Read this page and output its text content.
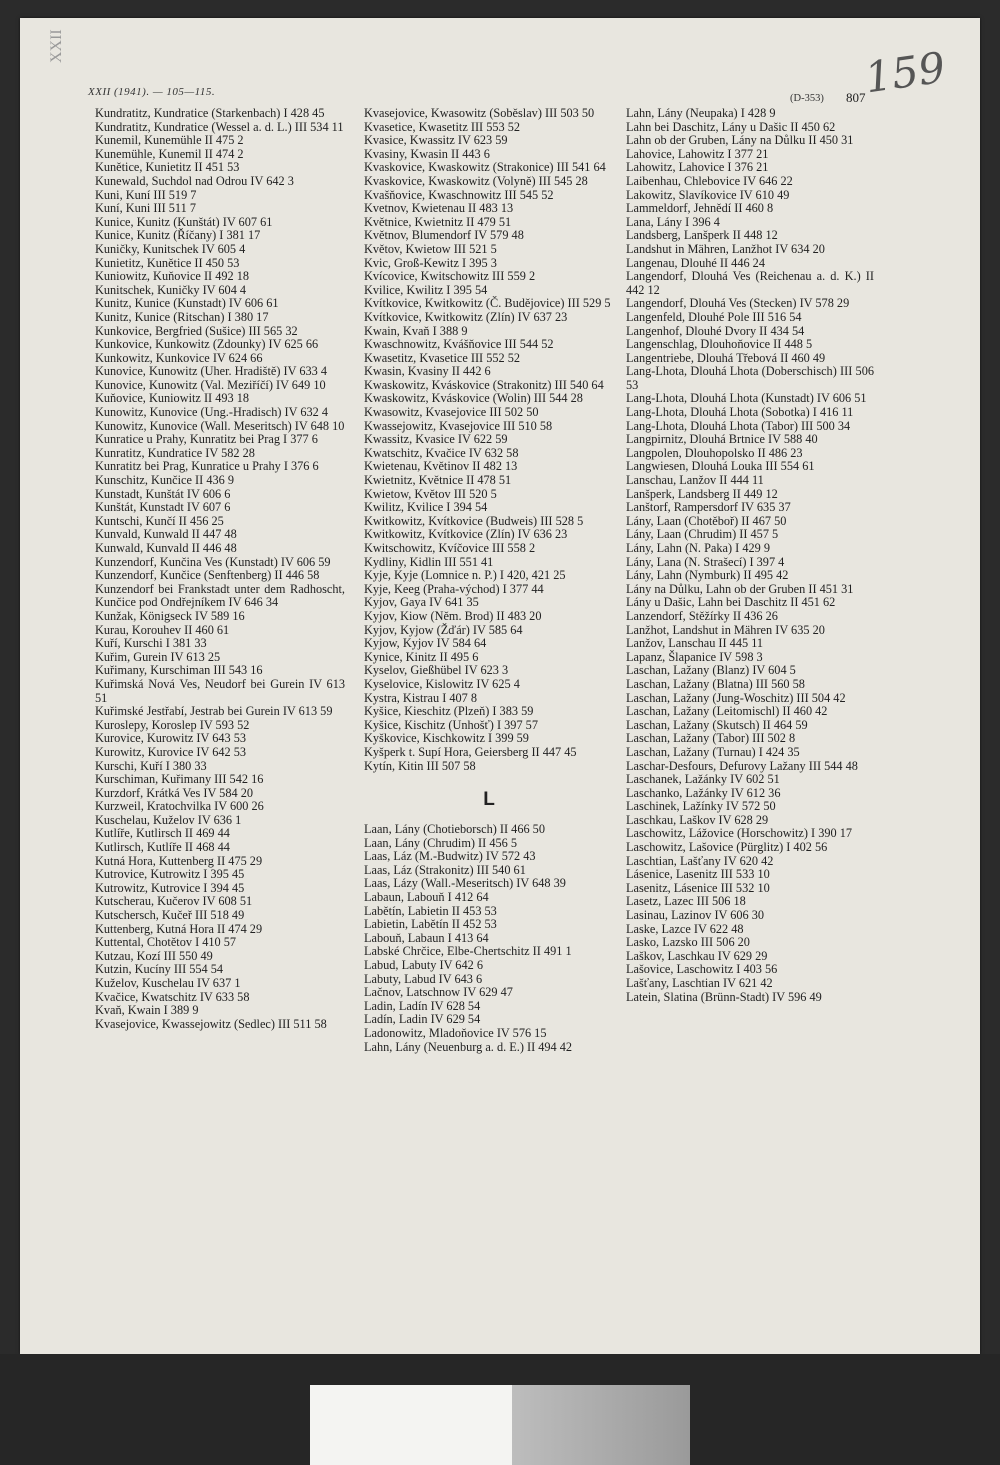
XXII	159
XXII (1941). — 105—115.
(D-353) 807
Kundratitz, Kundratice (Starkenbach) I 428 45
Kundratitz, Kundratice (Wessel a. d. L.) III 534 11
Kunemil, Kunemühle II 475 2
Kunemühle, Kunemil II 474 2
Kunětice, Kunietitz II 451 53
Kunewald, Suchdol nad Odrou IV 642 3
Kuni, Kuní III 519 7
Kuní, Kuni III 511 7
Kunice, Kunitz (Kunštát) IV 607 61
Kunice, Kunitz (Říčany) I 381 17
Kuničky, Kunitschek IV 605 4
Kunietitz, Kunětice II 450 53
Kuniowitz, Kuňovice II 492 18
Kunitschek, Kuničky IV 604 4
Kunitz, Kunice (Kunstadt) IV 606 61
Kunitz, Kunice (Ritschan) I 380 17
Kunkovice, Bergfried (Sušice) III 565 32
Kunkovice, Kunkowitz (Zdounky) IV 625 66
Kunkowitz, Kunkovice IV 624 66
Kunovice, Kunowitz (Uher. Hradiště) IV 633 4
Kunovice, Kunowitz (Val. Meziříčí) IV 649 10
Kuňovice, Kuniowitz II 493 18
Kunowitz, Kunovice (Ung.-Hradisch) IV 632 4
Kunowitz, Kunovice (Wall. Meseritsch) IV 648 10
Kunratice u Prahy, Kunratitz bei Prag I 377 6
Kunratitz, Kundratice IV 582 28
Kunratitz bei Prag, Kunratice u Prahy I 376 6
Kunschitz, Kunčice II 436 9
Kunstadt, Kunštát IV 606 6
Kunštát, Kunstadt IV 607 6
Kuntschi, Kunčí II 456 25
Kunvald, Kunwald II 447 48
Kunwald, Kunvald II 446 48
Kunzendorf, Kunčina Ves (Kunstadt) IV 606 59
Kunzendorf, Kunčice (Senftenberg) II 446 58
Kunzendorf bei Frankstadt unter dem Radhoscht, Kunčice pod Ondřejníkem IV 646 34
Kunžak, Königseck IV 589 16
Kurau, Korouhev II 460 61
Kuří, Kurschi I 381 33
Kuřim, Gurein IV 613 25
Kuřimany, Kurschiman III 543 16
Kuřimská Nová Ves, Neudorf bei Gurein IV 613 51
Kuřimské Jestřabí, Jestrab bei Gurein IV 613 59
Kuroslepy, Koroslep IV 593 52
Kurovice, Kurowitz IV 643 53
Kurowitz, Kurovice IV 642 53
Kurschi, Kuří I 380 33
Kurschiman, Kuřimany III 542 16
Kurzdorf, Krátká Ves IV 584 20
Kurzweil, Kratochvilka IV 600 26
Kuschelau, Kuželov IV 636 1
Kutlíře, Kutlirsch II 469 44
Kutlirsch, Kutlíře II 468 44
Kutná Hora, Kuttenberg II 475 29
Kutrovice, Kutrowitz I 395 45
Kutrowitz, Kutrovice I 394 45
Kutscherau, Kučerov IV 608 51
Kutschersch, Kučeř III 518 49
Kuttenberg, Kutná Hora II 474 29
Kuttental, Chotětov I 410 57
Kutzau, Kozí III 550 49
Kutzin, Kucíny III 554 54
Kuželov, Kuschelau IV 637 1
Kvačice, Kwatschitz IV 633 58
Kvaň, Kwain I 389 9
Kvasejovice, Kwassejowitz (Sedlec) III 511 58
Kvasejovice, Kwasowitz (Soběslav) III 503 50
Kvasetice, Kwasetitz III 553 52
Kvasice, Kwassitz IV 623 59
Kvasiny, Kwasin II 443 6
Kvaskovice, Kwaskowitz (Strakonice) III 541 64
Kvaskovice, Kwaskowitz (Volyně) III 545 28
Kvašňovice, Kwaschnowitz III 545 52
Kvetnov, Kwietenau II 483 13
Květnice, Kwietnitz II 479 51
Květnov, Blumendorf IV 579 48
Květov, Kwietow III 521 5
Kvic, Groß-Kewitz I 395 3
Kvícovice, Kwitschowitz III 559 2
Kvilice, Kwilitz I 395 54
Kvítkovice, Kwitkowitz (Č. Budějovice) III 529 5
Kvítkovice, Kwitkowitz (Zlín) IV 637 23
Kwain, Kvaň I 388 9
Kwaschnowitz, Kvášňovice III 544 52
Kwasetitz, Kvasetice III 552 52
Kwasin, Kvasiny II 442 6
Kwaskowitz, Kváskovice (Strakonitz) III 540 64
Kwaskowitz, Kváskovice (Wolin) III 544 28
Kwasowitz, Kvasejovice III 502 50
Kwassejowitz, Kvasejovice III 510 58
Kwassitz, Kvasice IV 622 59
Kwatschitz, Kvačice IV 632 58
Kwietenau, Květinov II 482 13
Kwietnitz, Květnice II 478 51
Kwietow, Květov III 520 5
Kwilitz, Kvilice I 394 54
Kwitkowitz, Kvítkovice (Budweis) III 528 5
Kwitkowitz, Kvítkovice (Zlín) IV 636 23
Kwitschowitz, Kvíčovice III 558 2
Kydliny, Kidlin III 551 41
Kyje, Kyje (Lomnice n. P.) I 420, 421 25
Kyje, Keeg (Praha-východ) I 377 44
Kyjov, Gaya IV 641 35
Kyjov, Kiow (Něm. Brod) II 483 20
Kyjov, Kyjow (Žďár) IV 585 64
Kyjow, Kyjov IV 584 64
Kynice, Kinitz II 495 6
Kyselov, Gießhübel IV 623 3
Kyselovice, Kislowitz IV 625 4
Kystra, Kistrau I 407 8
Kyšice, Kieschitz (Plzeň) I 383 59
Kyšice, Kischitz (Unhošť) I 397 57
Kyškovice, Kischkowitz I 399 59
Kyšperk t. Supí Hora, Geiersberg II 447 45
Kytín, Kitin III 507 58
L
Laan, Lány (Chotieborsch) II 466 50
Laan, Lány (Chrudim) II 456 5
Laas, Láz (M.-Budwitz) IV 572 43
Laas, Láz (Strakonitz) III 540 61
Laas, Lázy (Wall.-Meseritsch) IV 648 39
Labaun, Labouň I 412 64
Labětín, Labietin II 453 53
Labietin, Labětín II 452 53
Labouň, Labaun I 413 64
Labské Chrčice, Elbe-Chertschitz II 491 1
Labud, Labuty IV 642 6
Labuty, Labud IV 643 6
Lačnov, Latschnow IV 629 47
Ladin, Ladín IV 628 54
Ladín, Ladin IV 629 54
Ladonowitz, Mladoňovice IV 576 15
Lahn, Lány (Neuenburg a. d. E.) II 494 42
Lahn, Lány (Neupaka) I 428 9
Lahn bei Daschitz, Lány u Dašic II 450 62
Lahn ob der Gruben, Lány na Důlku II 450 31
Lahovice, Lahowitz I 377 21
Lahowitz, Lahovice I 376 21
Laibenhau, Chlebovice IV 646 22
Lakowitz, Slavíkovice IV 610 49
Lammeldorf, Jehnědí II 460 8
Lana, Lány I 396 4
Landsberg, Lanšperk II 448 12
Landshut in Mähren, Lanžhot IV 634 20
Langenau, Dlouhé II 446 24
Langendorf, Dlouhá Ves (Reichenau a. d. K.) II 442 12
Langendorf, Dlouhá Ves (Stecken) IV 578 29
Langenfeld, Dlouhé Pole III 516 54
Langenhof, Dlouhé Dvory II 434 54
Langenschlag, Dlouhoňovice II 448 5
Langentriebe, Dlouhá Třebová II 460 49
Lang-Lhota, Dlouhá Lhota (Doberschisch) III 506 53
Lang-Lhota, Dlouhá Lhota (Kunstadt) IV 606 51
Lang-Lhota, Dlouhá Lhota (Sobotka) I 416 11
Lang-Lhota, Dlouhá Lhota (Tabor) III 500 34
Langpirnitz, Dlouhá Brtnice IV 588 40
Langpolen, Dlouhopolsko II 486 23
Langwiesen, Dlouhá Louka III 554 61
Lanschau, Lanžov II 444 11
Lanšperk, Landsberg II 449 12
Lanštorf, Rampersdorf IV 635 37
Lány, Laan (Chotěboř) II 467 50
Lány, Laan (Chrudim) II 457 5
Lány, Lahn (N. Paka) I 429 9
Lány, Lana (N. Strašecí) I 397 4
Lány, Lahn (Nymburk) II 495 42
Lány na Důlku, Lahn ob der Gruben II 451 31
Lány u Dašic, Lahn bei Daschitz II 451 62
Lanzendorf, Stěžírky II 436 26
Lanžhot, Landshut in Mähren IV 635 20
Lanžov, Lanschau II 445 11
Lapanz, Šlapanice IV 598 3
Laschan, Lažany (Blanz) IV 604 5
Laschan, Lažany (Blatna) III 560 58
Laschan, Lažany (Jung-Woschitz) III 504 42
Laschan, Lažany (Leitomischl) II 460 42
Laschan, Lažany (Skutsch) II 464 59
Laschan, Lažany (Tabor) III 502 8
Laschan, Lažany (Turnau) I 424 35
Laschar-Desfours, Defurovy Lažany III 544 48
Laschanek, Lažánky IV 602 51
Laschanko, Lažánky IV 612 36
Laschinek, Lažínky IV 572 50
Laschkau, Laškov IV 628 29
Laschowitz, Lážovice (Horschowitz) I 390 17
Laschowitz, Lašovice (Pürglitz) I 402 56
Laschtian, Lašťany IV 620 42
Lásenice, Lasenitz III 533 10
Lasenitz, Lásenice III 532 10
Lasetz, Lazec III 506 18
Lasinau, Lazinov IV 606 30
Laske, Lazce IV 622 48
Lasko, Lazsko III 506 20
Laškov, Laschkau IV 629 29
Lašovice, Laschowitz I 403 56
Lašťany, Laschtian IV 621 42
Latein, Slatina (Brünn-Stadt) IV 596 49
